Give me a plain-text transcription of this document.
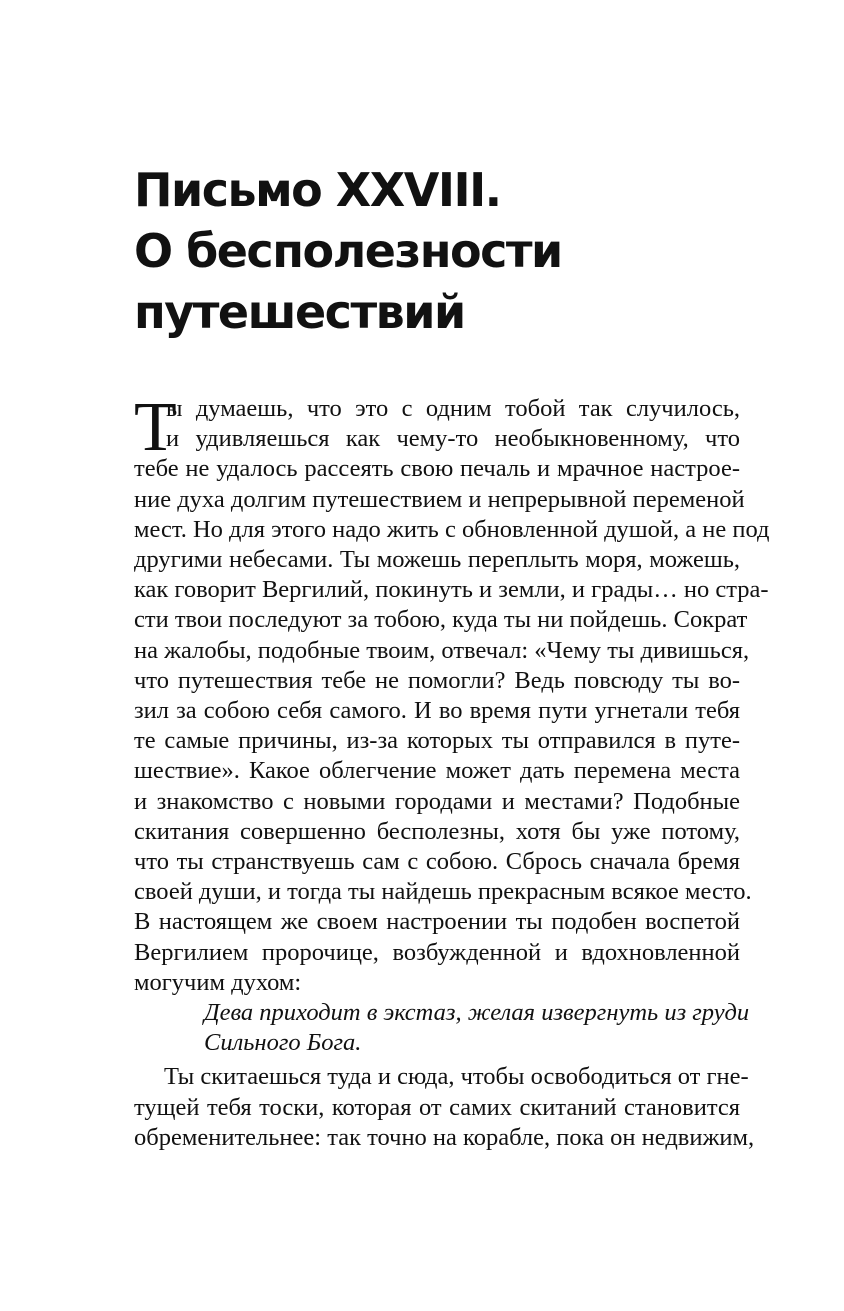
Письмо XXVIII.
О бесполезности
путешествий
Т
ы думаешь, что это с одним тобой так случилось,
и удивляешься как чему-то необыкновенному, что
тебе не удалось рассеять свою печаль и мрачное настрое-
ние духа долгим путешествием и непрерывной переменой
мест. Но для этого надо жить с обновленной душой, а не под
другими небесами. Ты можешь переплыть моря, можешь,
как говорит Вергилий, покинуть и земли, и грады… но стра-
сти твои последуют за тобою, куда ты ни пойдешь. Сократ
на жалобы, подобные твоим, отвечал: «Чему ты дивишься,
что путешествия тебе не помогли? Ведь повсюду ты во-
зил за собою себя самого. И во время пути угнетали тебя
те самые причины, из-за которых ты отправился в путе-
шествие». Какое облегчение может дать перемена места
и знакомство с новыми городами и местами? Подобные
скитания совершенно бесполезны, хотя бы уже потому,
что ты странствуешь сам с собою. Сбрось сначала бремя
своей души, и тогда ты найдешь прекрасным всякое место.
В настоящем же своем настроении ты подобен воспетой
Вергилием пророчице, возбужденной и вдохновленной
могучим духом:
Дева приходит в экстаз, желая извергнуть из груди
Сильного Бога.
Ты скитаешься туда и сюда, чтобы освободиться от гне-
тущей тебя тоски, которая от самих скитаний становится
обременительнее: так точно на корабле, пока он недвижим,
